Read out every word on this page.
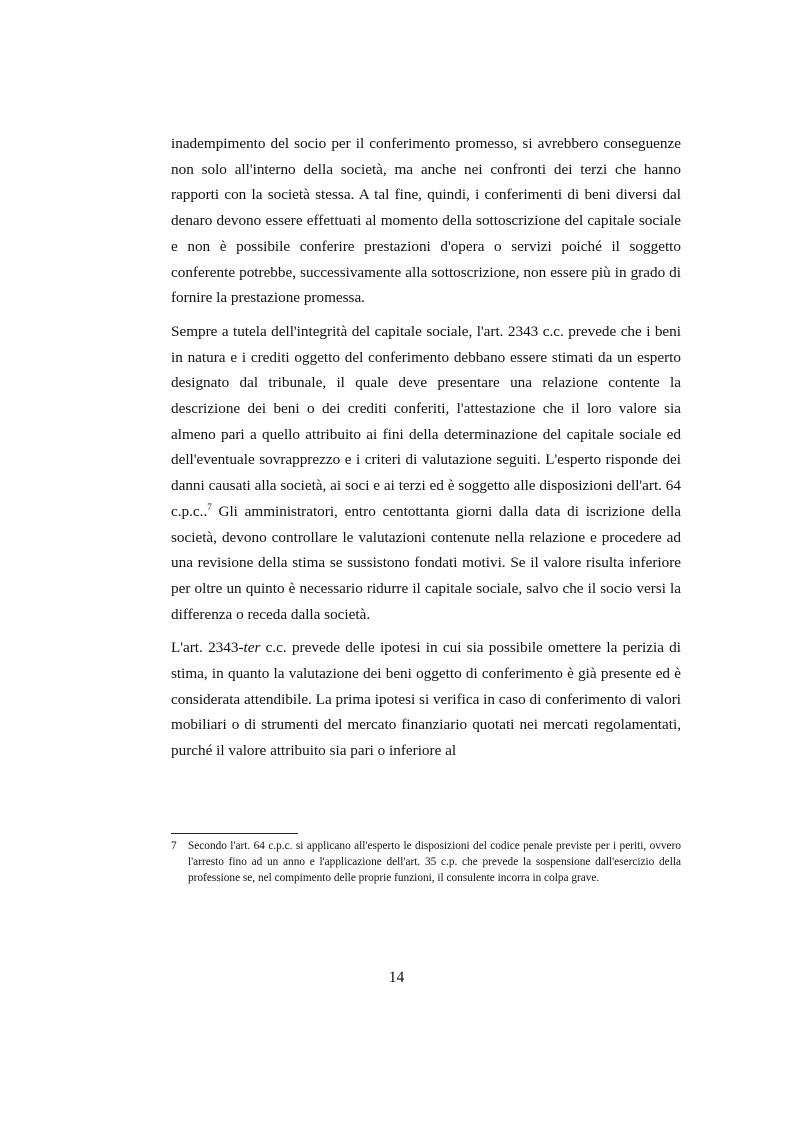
inadempimento del socio per il conferimento promesso, si avrebbero conseguenze non solo all'interno della società, ma anche nei confronti dei terzi che hanno rapporti con la società stessa. A tal fine, quindi, i conferimenti di beni diversi dal denaro devono essere effettuati al momento della sottoscrizione del capitale sociale e non è possibile conferire prestazioni d'opera o servizi poiché il soggetto conferente potrebbe, successivamente alla sottoscrizione, non essere più in grado di fornire la prestazione promessa.

Sempre a tutela dell'integrità del capitale sociale, l'art. 2343 c.c. prevede che i beni in natura e i crediti oggetto del conferimento debbano essere stimati da un esperto designato dal tribunale, il quale deve presentare una relazione contente la descrizione dei beni o dei crediti conferiti, l'attestazione che il loro valore sia almeno pari a quello attribuito ai fini della determinazione del capitale sociale ed dell'eventuale sovrapprezzo e i criteri di valutazione seguiti. L'esperto risponde dei danni causati alla società, ai soci e ai terzi ed è soggetto alle disposizioni dell'art. 64 c.p.c..$^7$ Gli amministratori, entro centottanta giorni dalla data di iscrizione della società, devono controllare le valutazioni contenute nella relazione e procedere ad una revisione della stima se sussistono fondati motivi. Se il valore risulta inferiore per oltre un quinto è necessario ridurre il capitale sociale, salvo che il socio versi la differenza o receda dalla società.

L'art. 2343-ter c.c. prevede delle ipotesi in cui sia possibile omettere la perizia di stima, in quanto la valutazione dei beni oggetto di conferimento è già presente ed è considerata attendibile. La prima ipotesi si verifica in caso di conferimento di valori mobiliari o di strumenti del mercato finanziario quotati nei mercati regolamentati, purché il valore attribuito sia pari o inferiore al

7	Secondo l'art. 64 c.p.c. si applicano all'esperto le disposizioni del codice penale previste per i periti, ovvero l'arresto fino ad un anno e l'applicazione dell'art. 35 c.p. che prevede la sospensione dall'esercizio della professione se, nel compimento delle proprie funzioni, il consulente incorra in colpa grave.
14
